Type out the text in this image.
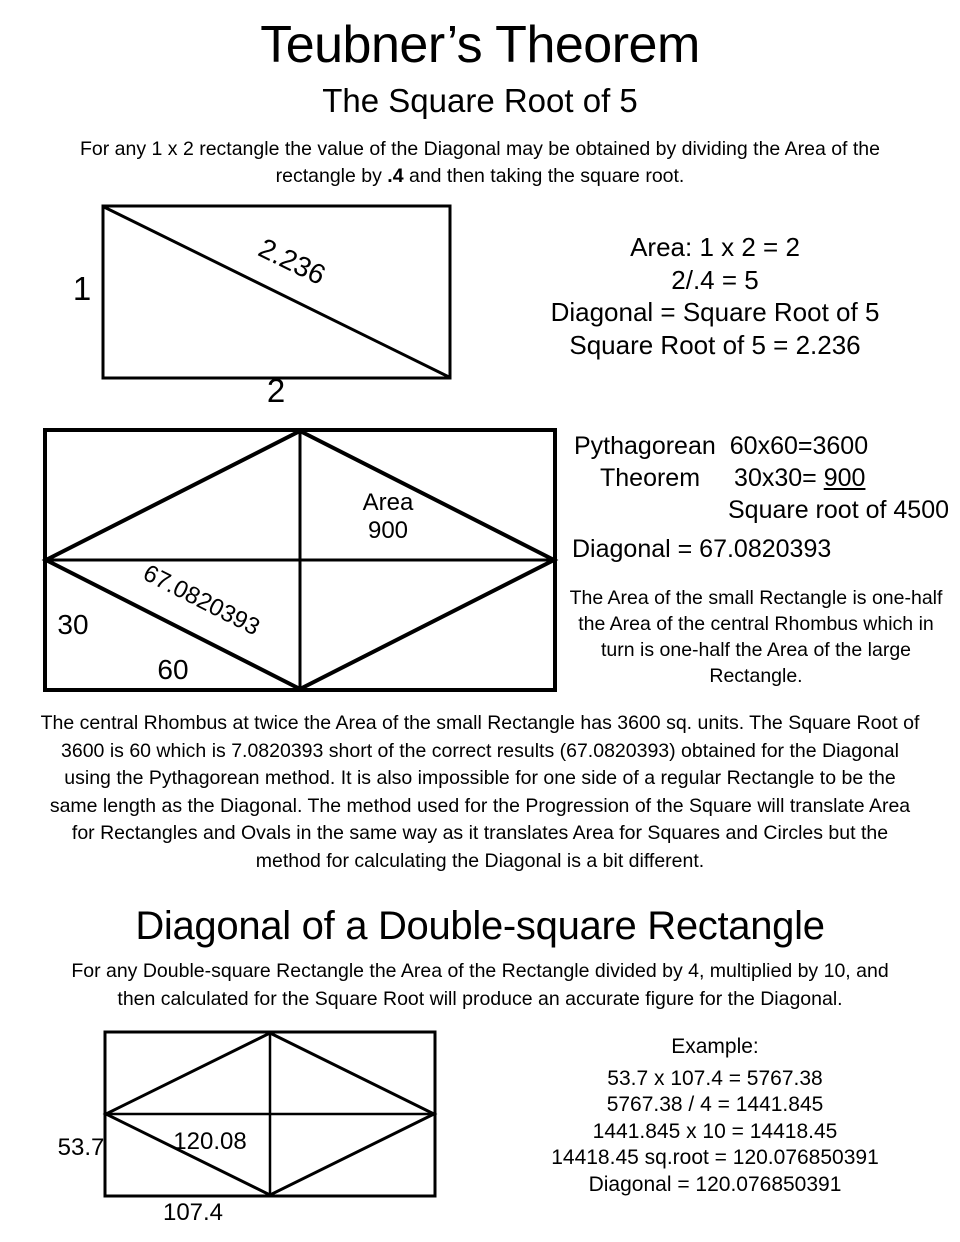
Teubner’s Theorem
The Square Root of 5
For any 1 x 2 rectangle the value of the Diagonal may be obtained by dividing the Area of the rectangle by .4 and then taking the square root.
1
2
2.236	Area: 1 x 2 = 2
2/.4 = 5
Diagonal = Square Root of 5
Square Root of 5 = 2.236
Area
900
30
60
67.0820393
Pythagorean 60x60=3600
Theorem 30x30= 900
Square root of 4500
Diagonal = 67.0820393
The Area of the small Rectangle is one-half the Area of the central Rhombus which in turn is one-half the Area of the large Rectangle.
The central Rhombus at twice the Area of the small Rectangle has 3600 sq. units. The Square Root of 3600 is 60 which is 7.0820393 short of the correct results (67.0820393) obtained for the Diagonal using the Pythagorean method. It is also impossible for one side of a regular Rectangle to be the same length as the Diagonal. The method used for the Progression of the Square will translate Area for Rectangles and Ovals in the same way as it translates Area for Squares and Circles but the method for calculating the Diagonal is a bit different.
Diagonal of a Double-square Rectangle
For any Double-square Rectangle the Area of the Rectangle divided by 4, multiplied by 10, and then calculated for the Square Root will produce an accurate figure for the Diagonal.
53.7
107.4
120.08
Example:
53.7 x 107.4 = 5767.38
5767.38 / 4 = 1441.845
1441.845 x 10 = 14418.45
14418.45 sq.root = 120.076850391
Diagonal = 120.076850391
